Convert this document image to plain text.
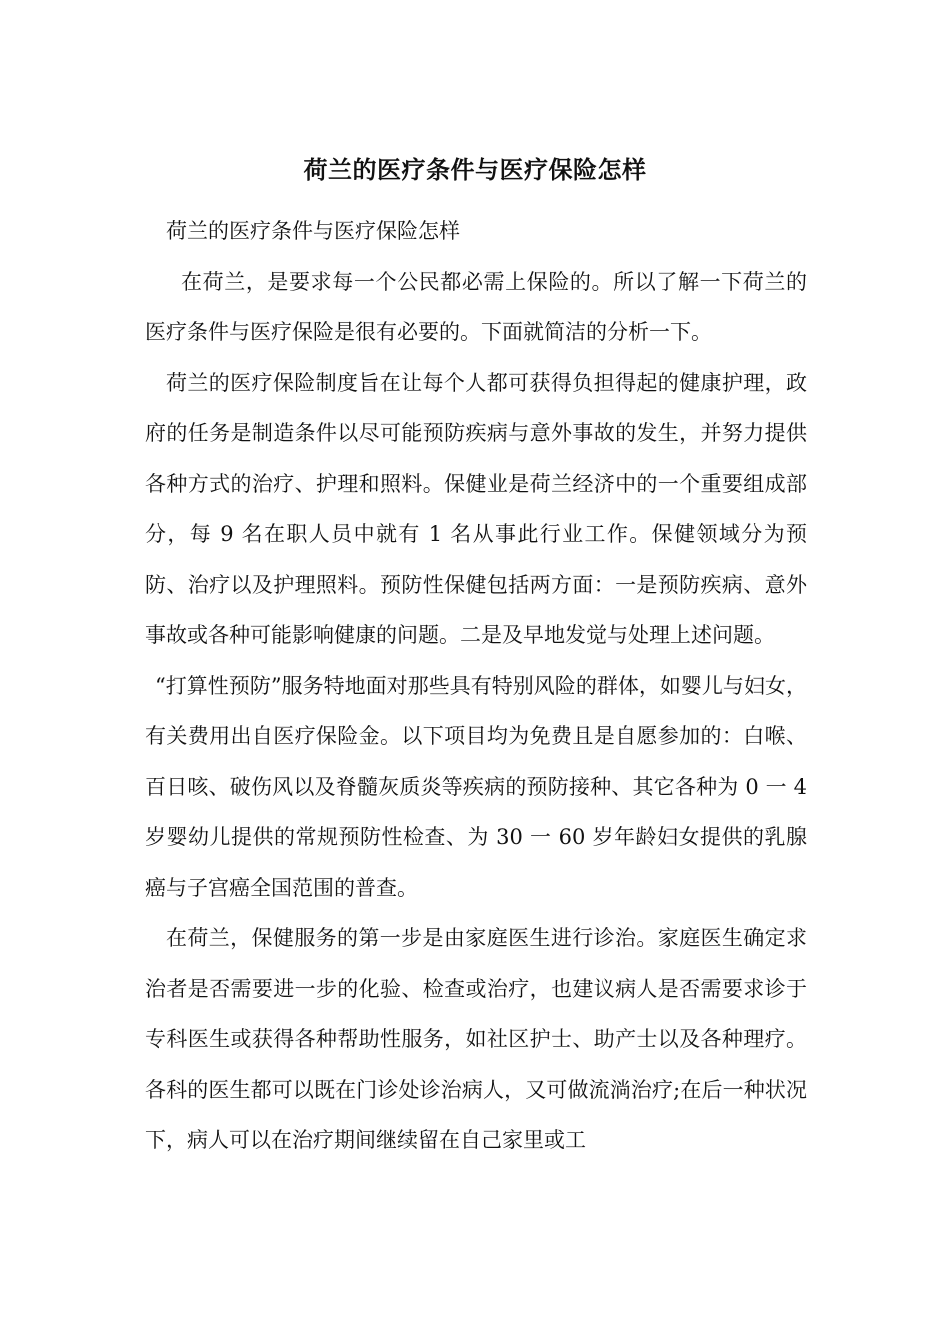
荷兰的医疗条件与医疗保险怎样

荷兰的医疗条件与医疗保险怎样

在荷兰，是要求每一个公民都必需上保险的。所以了解一下荷兰的医疗条件与医疗保险是很有必要的。下面就简洁的分析一下。

荷兰的医疗保险制度旨在让每个人都可获得负担得起的健康护理，政府的任务是制造条件以尽可能预防疾病与意外事故的发生，并努力提供各种方式的治疗、护理和照料。保健业是荷兰经济中的一个重要组成部分，每 9 名在职人员中就有 1 名从事此行业工作。保健领域分为预防、治疗以及护理照料。预防性保健包括两方面：一是预防疾病、意外事故或各种可能影响健康的问题。二是及早地发觉与处理上述问题。

“打算性预防”服务特地面对那些具有特别风险的群体，如婴儿与妇女，有关费用出自医疗保险金。以下项目均为免费且是自愿参加的：白喉、百日咳、破伤风以及脊髓灰质炎等疾病的预防接种、其它各种为 0 一 4 岁婴幼儿提供的常规预防性检查、为 30 一 60 岁年龄妇女提供的乳腺癌与子宫癌全国范围的普查。

在荷兰，保健服务的第一步是由家庭医生进行诊治。家庭医生确定求治者是否需要进一步的化验、检查或治疗，也建议病人是否需要求诊于专科医生或获得各种帮助性服务，如社区护士、助产士以及各种理疗。各科的医生都可以既在门诊处诊治病人，又可做流淌治疗;在后一种状况下，病人可以在治疗期间继续留在自己家里或工
